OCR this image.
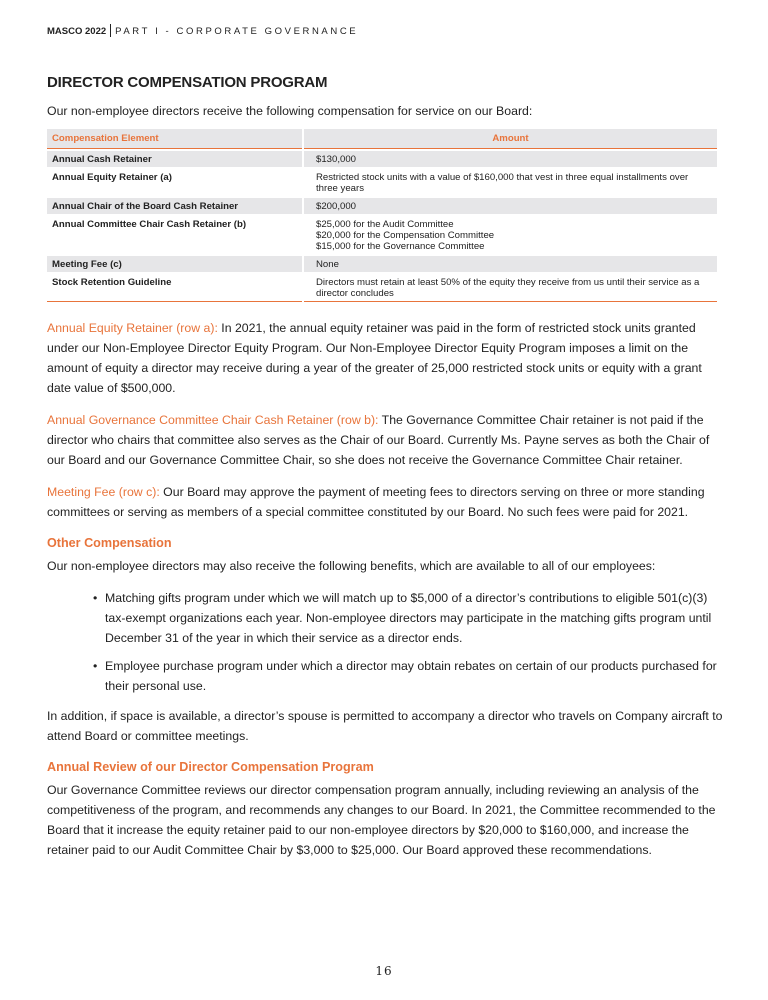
MASCO 2022 PART I - CORPORATE GOVERNANCE
DIRECTOR COMPENSATION PROGRAM

Our non-employee directors receive the following compensation for service on our Board:

Compensation Element	Amount
Annual Cash Retainer	$130,000

Annual Equity Retainer (a)	Restricted stock units with a value of $160,000 that vest in three equal installments over three years

Annual Chair of the Board Cash Retainer	$200,000

Annual Committee Chair Cash Retainer (b)	$25,000 for the Audit Committee
$20,000 for the Compensation Committee
$15,000 for the Governance Committee

Meeting Fee (c)	None

Stock Retention Guideline	Directors must retain at least 50% of the equity they receive from us until their service as a director concludes

Annual Equity Retainer (row a): In 2021, the annual equity retainer was paid in the form of restricted stock units granted under our Non-Employee Director Equity Program. Our Non-Employee Director Equity Program imposes a limit on the amount of equity a director may receive during a year of the greater of 25,000 restricted stock units or equity with a grant date value of $500,000.

Annual Governance Committee Chair Cash Retainer (row b): The Governance Committee Chair retainer is not paid if the director who chairs that committee also serves as the Chair of our Board. Currently Ms. Payne serves as both the Chair of our Board and our Governance Committee Chair, so she does not receive the Governance Committee Chair retainer.

Meeting Fee (row c): Our Board may approve the payment of meeting fees to directors serving on three or more standing committees or serving as members of a special committee constituted by our Board. No such fees were paid for 2021.

Other Compensation

Our non-employee directors may also receive the following benefits, which are available to all of our employees:

• Matching gifts program under which we will match up to $5,000 of a director’s contributions to eligible 501(c)(3) tax-exempt organizations each year. Non-employee directors may participate in the matching gifts program until December 31 of the year in which their service as a director ends.
• Employee purchase program under which a director may obtain rebates on certain of our products purchased for their personal use.

In addition, if space is available, a director’s spouse is permitted to accompany a director who travels on Company aircraft to attend Board or committee meetings.

Annual Review of our Director Compensation Program

Our Governance Committee reviews our director compensation program annually, including reviewing an analysis of the competitiveness of the program, and recommends any changes to our Board. In 2021, the Committee recommended to the Board that it increase the equity retainer paid to our non-employee directors by $20,000 to $160,000, and increase the retainer paid to our Audit Committee Chair by $3,000 to $25,000. Our Board approved these recommendations.

16
